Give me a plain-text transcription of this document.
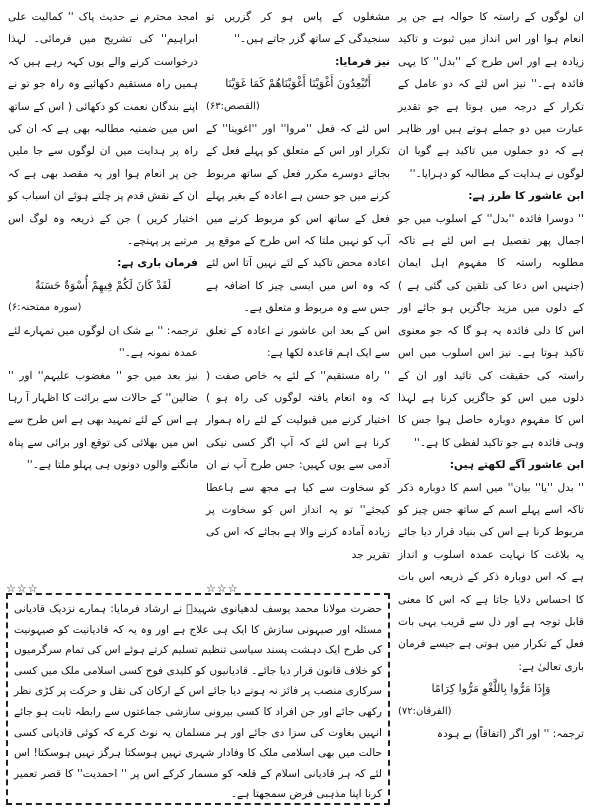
ان لوگوں کے راستہ کا حوالہ ہے جن پر انعام ہوا اور اس انداز میں ثبوت و تاکید زیادہ ہے اور اس طرح کے ''بدل'' کا یہی فائدہ ہے۔'' نیز اس لئے کہ دو عامل کے تکرار کے درجہ میں ہوتا ہے جو تقدیر عبارت میں دو جملے ہوتے ہیں اور ظاہر ہے کہ دو جملوں میں تاکید ہے گویا ان لوگوں نے ہدایت کے مطالبہ کو دہرایا۔''

ابن عاشور کا طرز ہے:

'' دوسرا فائدہ ''بدل'' کے اسلوب میں جو اجمال پھر تفصیل ہے اس لئے ہے تاکہ مطلوبہ راستہ کا مفہوم اہل ایمان (جنہیں اس دعا کی تلقین کی گئی ہے ) کے دلوں میں مزید جاگزیں ہو جائے اور اس کا دلی فائدہ یہ ہو گا کہ جو معنوی تاکید ہوتا ہے۔ نیز اس اسلوب میں اس راستہ کی حقیقت کی تائید اور ان کے دلوں میں اس کو جاگزیں کرنا ہے لہذا اس کا مفہوم دوبارہ حاصل ہوا جس کا وہی فائدہ ہے جو تاکید لفظی کا ہے۔''

ابن عاشور آگے لکھتے ہیں:

'' بدل ''یا'' بیان'' میں اسم کا دوبارہ ذکر تاکہ اسے پہلے اسم کے ساتھ جس چیز کو مربوط کرنا ہے اس کی بنیاد قرار دیا جائے یہ بلاغت کا نہایت عمدہ اسلوب و انداز ہے کہ اس دوبارہ ذکر کے ذریعہ اس بات کا احساس دلایا جاتا ہے کہ اس کا معنی قابل توجہ ہے اور دل سے قریب یہی بات فعل کے تکرار میں ہوتی ہے جیسے فرمان باری تعالیٰ ہے:

وَإِذَا مَرُّوا بِاللَّغْوِ مَرُّوا كِرَامًا

(الفرقان:۷۲)

ترجمہ: '' اور اگر (اتفاقاً) بے ہودہ

مشغلوں کے پاس ہو کر گزریں تو سنجیدگی کے ساتھ گزر جاتے ہیں۔''

نیز فرمایا:

أَتُبْعِدُونَ أَغْوَيْنَا أَغْوَيْنَاهُمْ كَمَا غَوَيْنَا

(القصص:۶۳)

اس لئے کہ فعل ''مروا'' اور ''اغوینا'' کے تکرار اور اس کے متعلق کو پہلے فعل کے بجائے دوسرے مکرر فعل کے ساتھ مربوط کرنے میں جو حسن ہے اعادہ کے بغیر پہلے فعل کے ساتھ اس کو مربوط کرنے میں آپ کو نہیں ملتا کہ اس طرح کے موقع پر اعادہ محض تاکید کے لئے نہیں آتا اس لئے کہ وہ اس میں ایسی چیز کا اضافہ ہے جس سے وہ مربوط و متعلق ہے۔

اس کے بعد ابن عاشور نے اعادہ کے تعلق سے ایک اہم قاعدہ لکھا ہے:

'' راہ مستقیم'' کے لئے یہ خاص صفت ( کہ وہ انعام یافتہ لوگوں کی راہ ہو ) اختیار کرنے میں قبولیت کے لئے راہ ہموار کرنا ہے اس لئے کہ آپ اگر کسی نیکی آدمی سے یوں کہیں: جس طرح آپ نے ان کو سخاوت سے کیا ہے مجھ سے ہاعطا کیجئے'' تو یہ انداز اس کو سخاوت پر زیادہ آمادہ کرنے والا ہے بجائے کہ اس کی تقریر جد

امجد محترم نے حدیث پاک '' کمالیت علی ابراہیم'' کی تشریح میں فرمائی۔ لہذا درخواست کرنے والے یوں کہہ رہے ہیں کہ ہمیں راہ مستقیم دکھائیے وہ راہ جو تو نے اپنے بندگان نعمت کو دکھائی ( اس کے ساتھ اس میں ضمنیہ مطالبہ بھی ہے کہ ان کی راہ پر ہدایت میں ان لوگوں سے جا ملیں جن پر انعام ہوا اور یہ مقصد بھی ہے کہ ان کے نقش قدم پر چلتے ہوئے ان اسباب کو اختیار کریں ) جن کے ذریعہ وہ لوگ اس مرتبے پر پہنچے۔

فرمان باری ہے:

لَقَدْ كَانَ لَكُمْ فِيهِمْ أُسْوَةٌ حَسَنَةٌ

(سورہ ممتحنہ:۶)

ترجمہ: '' بے شک ان لوگوں میں تمہارے لئے عمدہ نمونہ ہے۔''

نیز بعد میں جو '' مغضوب علیہم'' اور '' ضالین'' کے حالات سے برائت کا اظہار آ رہا ہے اس کے لئے تمہید بھی ہے اس طرح سے اس میں بھلائی کی توقع اور برائی سے پناہ مانگنے والوں دونوں ہی پہلو ملتا ہے۔''

☆☆☆
☆☆☆

حضرت مولانا محمد یوسف لدھیانوی شہیدؒ نے ارشاد فرمایا: ہمارے نزدیک قادیانی مسئلہ اور صیہونی سازش کا ایک ہی علاج ہے اور وہ یہ کہ قادیانیت کو صیہونیت کی طرح ایک دہشت پسند سیاسی تنظیم تسلیم کرتے ہوئے اس کی تمام سرگرمیوں کو خلاف قانون قرار دیا جائے۔ قادیانیوں کو کلیدی فوج کسی اسلامی ملک میں کسی سرکاری منصب پر فائز نہ ہونے دیا جائے اس کے ارکان کی نقل و حرکت پر کڑی نظر رکھی جائے اور جن افراد کا کسی بیرونی سازشی جماعتوں سے رابطہ ثابت ہو جائے انہیں بغاوت کی سزا دی جائے اور ہر مسلمان یہ نوٹ کرے کہ کوئی قادیانی کسی حالت میں بھی اسلامی ملک کا وفادار شہری نہیں ہوسکتا ہرگز نہیں ہوسکتا! اس لئے کہ ہر قادیانی اسلام کے قلعہ کو مسمار کرکے اس پر '' احمدیت'' کا قصر تعمیر کرنا اپنا مذہبی فرض سمجھتا ہے۔
